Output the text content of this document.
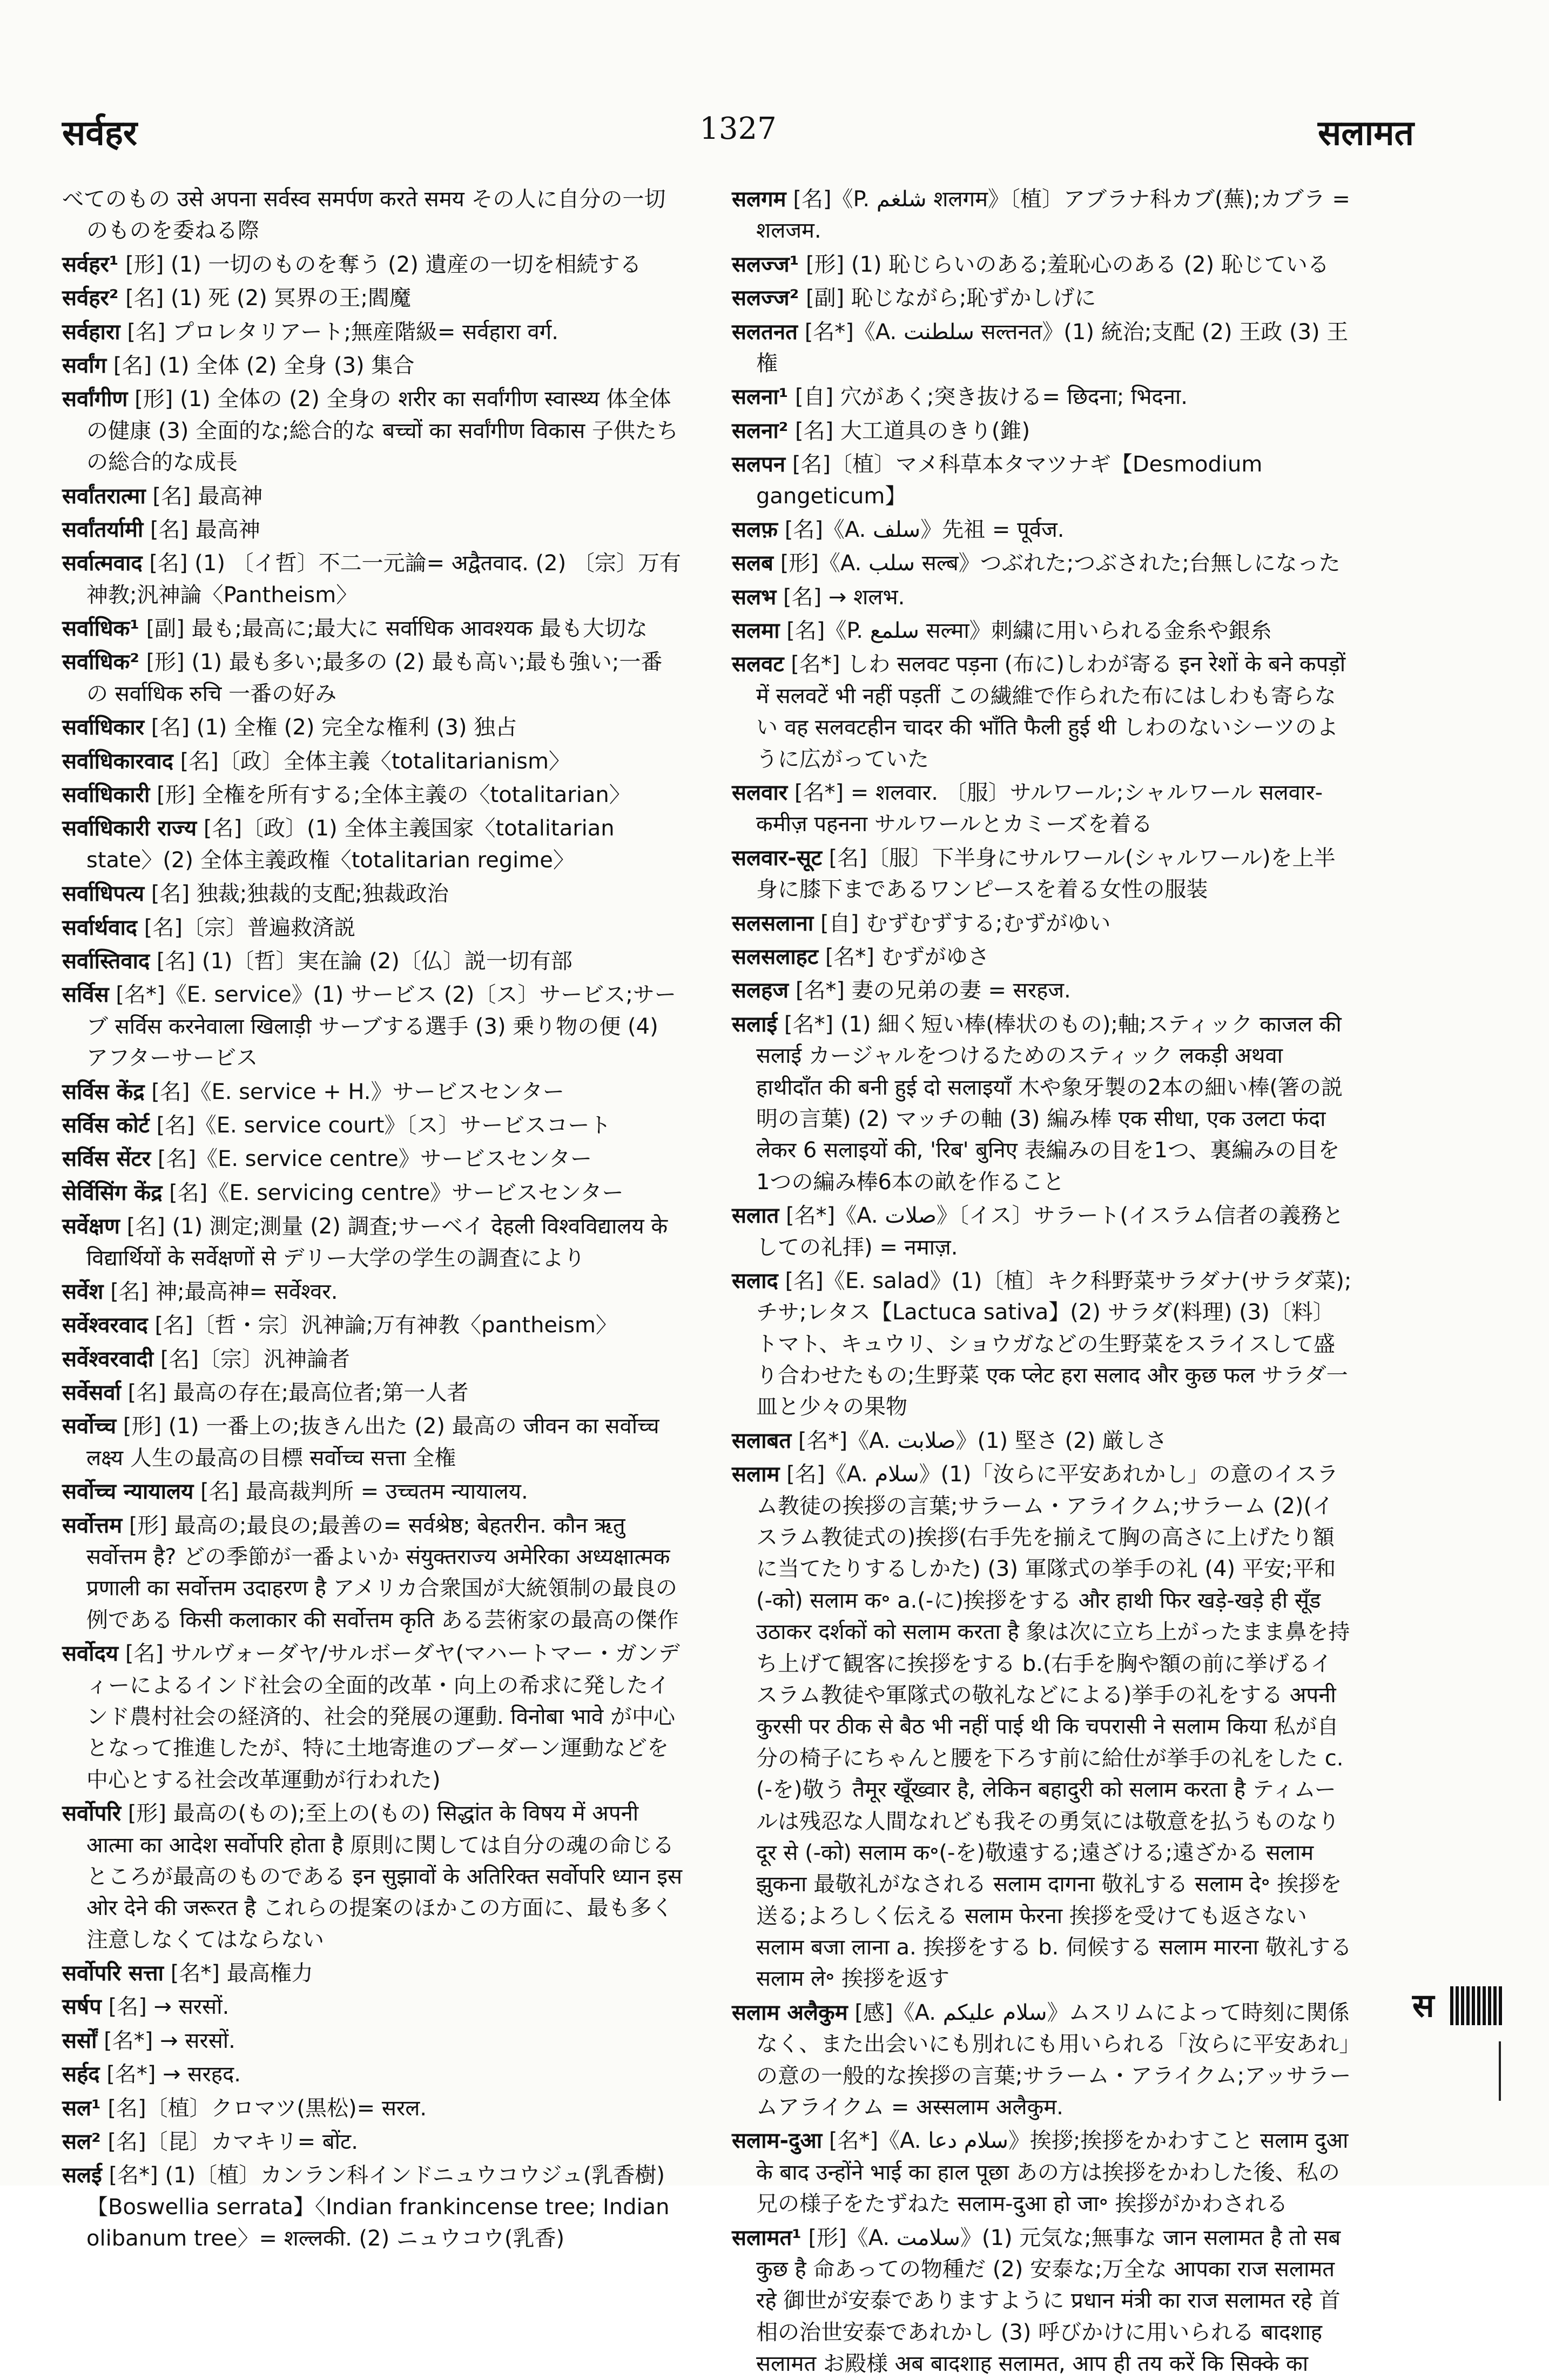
सर्वहर	1327	सलामत
べてのもの उसे अपना सर्वस्व समर्पण करते समय その人に自分の一切のものを委ねる際
सर्वहर¹ [形] (1) 一切のものを奪う (2) 遺産の一切を相続する
सर्वहर² [名] (1) 死 (2) 冥界の王;閻魔
सर्वहारा [名] プロレタリアート;無産階級= सर्वहारा वर्ग.
सर्वांग [名] (1) 全体 (2) 全身 (3) 集合
सर्वांगीण [形] (1) 全体の (2) 全身の शरीर का सर्वांगीण स्वास्थ्य 体全体の健康 (3) 全面的な;総合的な बच्चों का सर्वांगीण विकास 子供たちの総合的な成長
सर्वांतरात्मा [名] 最高神
सर्वांतर्यामी [名] 最高神
सर्वात्मवाद [名] (1) 〔イ哲〕不二一元論= अद्वैतवाद. (2) 〔宗〕万有神教;汎神論〈Pantheism〉
सर्वाधिक¹ [副] 最も;最高に;最大に सर्वाधिक आवश्यक 最も大切な
सर्वाधिक² [形] (1) 最も多い;最多の (2) 最も高い;最も強い;一番の सर्वाधिक रुचि 一番の好み
सर्वाधिकार [名] (1) 全権 (2) 完全な権利 (3) 独占
सर्वाधिकारवाद [名]〔政〕全体主義〈totalitarianism〉
सर्वाधिकारी [形] 全権を所有する;全体主義の〈totalitarian〉
सर्वाधिकारी राज्य [名]〔政〕(1) 全体主義国家〈totalitarian state〉(2) 全体主義政権〈totalitarian regime〉
सर्वाधिपत्य [名] 独裁;独裁的支配;独裁政治
सर्वार्थवाद [名]〔宗〕普遍救済説
सर्वास्तिवाद [名] (1)〔哲〕実在論 (2)〔仏〕説一切有部
सर्विस [名*]《E. service》(1) サービス (2)〔ス〕サービス;サーブ सर्विस करनेवाला खिलाड़ी サーブする選手 (3) 乗り物の便 (4) アフターサービス
सर्विस केंद्र [名]《E. service + H.》サービスセンター
सर्विस कोर्ट [名]《E. service court》〔ス〕サービスコート
सर्विस सेंटर [名]《E. service centre》サービスセンター
सेर्विसिंग केंद्र [名]《E. servicing centre》サービスセンター
सर्वेक्षण [名] (1) 測定;測量 (2) 調査;サーベイ देहली विश्वविद्यालय के विद्यार्थियों के सर्वेक्षणों से デリー大学の学生の調査により
सर्वेश [名] 神;最高神= सर्वेश्वर.
सर्वेश्वरवाद [名]〔哲・宗〕汎神論;万有神教〈pantheism〉
सर्वेश्वरवादी [名]〔宗〕汎神論者
सर्वेसर्वा [名] 最高の存在;最高位者;第一人者
सर्वोच्च [形] (1) 一番上の;抜きん出た (2) 最高の जीवन का सर्वोच्च लक्ष्य 人生の最高の目標 सर्वोच्च सत्ता 全権
सर्वोच्च न्यायालय [名] 最高裁判所 = उच्चतम न्यायालय.
सर्वोत्तम [形] 最高の;最良の;最善の= सर्वश्रेष्ठ; बेहतरीन. कौन ऋतु सर्वोत्तम है? どの季節が一番よいか संयुक्तराज्य अमेरिका अध्यक्षात्मक प्रणाली का सर्वोत्तम उदाहरण है アメリカ合衆国が大統領制の最良の例である किसी कलाकार की सर्वोत्तम कृति ある芸術家の最高の傑作
सर्वोदय [名] サルヴォーダヤ/サルボーダヤ(マハートマー・ガンディーによるインド社会の全面的改革・向上の希求に発したインド農村社会の経済的、社会的発展の運動. विनोबा भावे が中心となって推進したが、特に土地寄進のブーダーン運動などを中心とする社会改革運動が行われた)
सर्वोपरि [形] 最高の(もの);至上の(もの) सिद्धांत के विषय में अपनी आत्मा का आदेश सर्वोपरि होता है 原則に関しては自分の魂の命じるところが最高のものである इन सुझावों के अतिरिक्त सर्वोपरि ध्यान इस ओर देने की जरूरत है これらの提案のほかこの方面に、最も多く注意しなくてはならない
सर्वोपरि सत्ता [名*] 最高権力
सर्षप [名] → सरसों.
सर्सों [名*] → सरसों.
सर्हद [名*] → सरहद.
सल¹ [名]〔植〕クロマツ(黒松)= सरल.
सल² [名]〔昆〕カマキリ= बोंट.
सलई [名*] (1)〔植〕カンラン科インドニュウコウジュ(乳香樹)【Boswellia serrata】〈Indian frankincense tree; Indian olibanum tree〉= शल्लकी. (2) ニュウコウ(乳香)
सलगम [名]《P. شلغم शलगम》〔植〕アブラナ科カブ(蕪);カブラ = शलजम.
सलज्ज¹ [形] (1) 恥じらいのある;羞恥心のある (2) 恥じている
सलज्ज² [副] 恥じながら;恥ずかしげに
सलतनत [名*]《A. سلطنت सल्तनत》(1) 統治;支配 (2) 王政 (3) 王権
सलना¹ [自] 穴があく;突き抜ける= छिदना; भिदना.
सलना² [名] 大工道具のきり(錐)
सलपन [名]〔植〕マメ科草本タマツナギ【Desmodium gangeticum】
सलफ़ [名]《A. سلف》先祖 = पूर्वज.
सलब [形]《A. سلب सल्ब》つぶれた;つぶされた;台無しになった
सलभ [名] → शलभ.
सलमा [名]《P. سلمع सल्मा》刺繍に用いられる金糸や銀糸
सलवट [名*] しわ सलवट पड़ना (布に)しわが寄る इन रेशों के बने कपड़ों में सलवटें भी नहीं पड़तीं この繊維で作られた布にはしわも寄らない वह सलवटहीन चादर की भाँति फैली हुई थी しわのないシーツのように広がっていた
सलवार [名*] = शलवार. 〔服〕サルワール;シャルワール सलवार-कमीज़ पहनना サルワールとカミーズを着る
सलवार-सूट [名]〔服〕下半身にサルワール(シャルワール)を上半身に膝下まであるワンピースを着る女性の服装
सलसलाना [自] むずむずする;むずがゆい
सलसलाहट [名*] むずがゆさ
सलहज [名*] 妻の兄弟の妻 = सरहज.
सलाई [名*] (1) 細く短い棒(棒状のもの);軸;スティック काजल की सलाई カージャルをつけるためのスティック लकड़ी अथवा हाथीदाँत की बनी हुई दो सलाइयाँ 木や象牙製の2本の細い棒(箸の説明の言葉) (2) マッチの軸 (3) 編み棒 एक सीधा, एक उलटा फंदा लेकर 6 सलाइयों की, 'रिब' बुनिए 表編みの目を1つ、裏編みの目を1つの編み棒6本の畝を作ること
सलात [名*]《A. صلات》〔イス〕サラート(イスラム信者の義務としての礼拝) = नमाज़.
सलाद [名]《E. salad》(1)〔植〕キク科野菜サラダナ(サラダ菜);チサ;レタス【Lactuca sativa】(2) サラダ(料理) (3)〔料〕トマト、キュウリ、ショウガなどの生野菜をスライスして盛り合わせたもの;生野菜 एक प्लेट हरा सलाद और कुछ फल サラダ一皿と少々の果物
सलाबत [名*]《A. صلابت》(1) 堅さ (2) 厳しさ
सलाम [名]《A. سلام》(1)「汝らに平安あれかし」の意のイスラム教徒の挨拶の言葉;サラーム・アライクム;サラーム (2)(イスラム教徒式の)挨拶(右手先を揃えて胸の高さに上げたり額に当てたりするしかた) (3) 軍隊式の挙手の礼 (4) 平安;平和 (-को) सलाम क॰ a.(-に)挨拶をする और हाथी फिर खड़े-खड़े ही सूँड उठाकर दर्शकों को सलाम करता है 象は次に立ち上がったまま鼻を持ち上げて観客に挨拶をする b.(右手を胸や額の前に挙げるイスラム教徒や軍隊式の敬礼などによる)挙手の礼をする अपनी कुरसी पर ठीक से बैठ भी नहीं पाई थी कि चपरासी ने सलाम किया 私が自分の椅子にちゃんと腰を下ろす前に給仕が挙手の礼をした c.(-を)敬う तैमूर खूँख्वार है, लेकिन बहादुरी को सलाम करता है ティムールは残忍な人間なれども我その勇気には敬意を払うものなり दूर से (-को) सलाम क॰(-を)敬遠する;遠ざける;遠ざかる सलाम झुकना 最敬礼がなされる सलाम दागना 敬礼する सलाम दे॰ 挨拶を送る;よろしく伝える सलाम फेरना 挨拶を受けても返さない सलाम बजा लाना a. 挨拶をする b. 伺候する सलाम मारना 敬礼する सलाम ले॰ 挨拶を返す
सलाम अलैकुम [感]《A. سلام علیکم》ムスリムによって時刻に関係なく、また出会いにも別れにも用いられる「汝らに平安あれ」の意の一般的な挨拶の言葉;サラーム・アライクム;アッサラームアライクム = अस्सलाम अलैकुम.
सलाम-दुआ [名*]《A. سلام دعا》挨拶;挨拶をかわすこと सलाम दुआ के बाद उन्होंने भाई का हाल पूछा あの方は挨拶をかわした後、私の兄の様子をたずねた सलाम-दुआ हो जा॰ 挨拶がかわされる
सलामत¹ [形]《A. سلامت》(1) 元気な;無事な जान सलामत है तो सब कुछ है 命あっての物種だ (2) 安泰な;万全な आपका राज सलामत रहे 御世が安泰でありますように प्रधान मंत्री का राज सलामत रहे 首相の治世安泰であれかし (3) 呼びかけに用いられる बादशाह सलामत お殿様 अब बादशाह सलामत, आप ही तय करें कि सिक्के का
स
